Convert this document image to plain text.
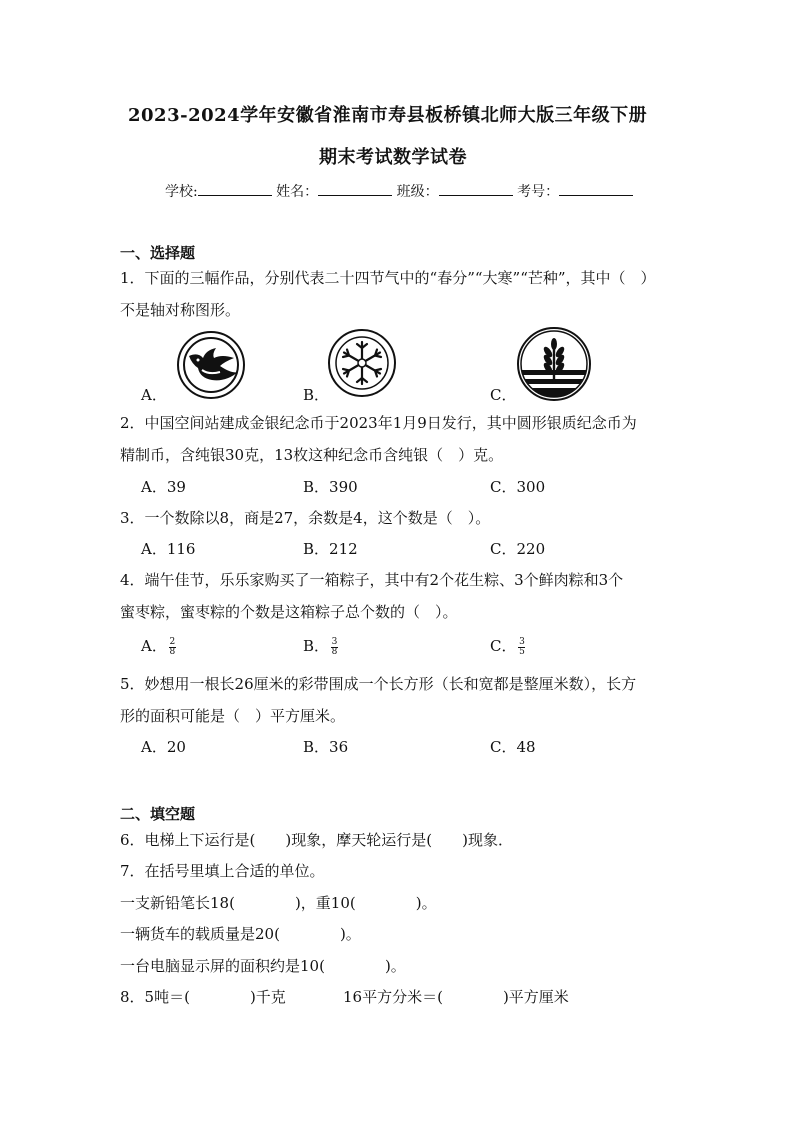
2023-2024学年安徽省淮南市寿县板桥镇北师大版三年级下册
期末考试数学试卷
学校:	姓名：	班级：	考号：
一、选择题
1．下面的三幅作品，分别代表二十四节气中的“春分”“大寒”“芒种”，其中（　）
不是轴对称图形。
A．	B．	C．
2．中国空间站建成金银纪念币于2023年1月9日发行，其中圆形银质纪念币为
精制币，含纯银30克，13枚这种纪念币含纯银（　）克。
A．39	B．390	C．300
3．一个数除以8，商是27，余数是4，这个数是（　）。
A．116	B．212	C．220
4．端午佳节，乐乐家购买了一箱粽子，其中有2个花生粽、3个鲜肉粽和3个
蜜枣粽，蜜枣粽的个数是这箱粽子总个数的（　）。
A． $\frac{2}{8}$	B． $\frac{3}{8}$	C． $\frac{3}{5}$
5．妙想用一根长26厘米的彩带围成一个长方形（长和宽都是整厘米数），长方
形的面积可能是（　）平方厘米。
A．20	B．36	C．48
二、填空题
6．电梯上下运行是(　　)现象，摩天轮运行是(　　)现象．
7．在括号里填上合适的单位。
一支新铅笔长18(　　　　)，重10(　　　　)。
一辆货车的载质量是20(　　　　)。
一台电脑显示屏的面积约是10(　　　　)。
8．5吨＝(　　　　)千克	16平方分米＝(　　　　)平方厘米
